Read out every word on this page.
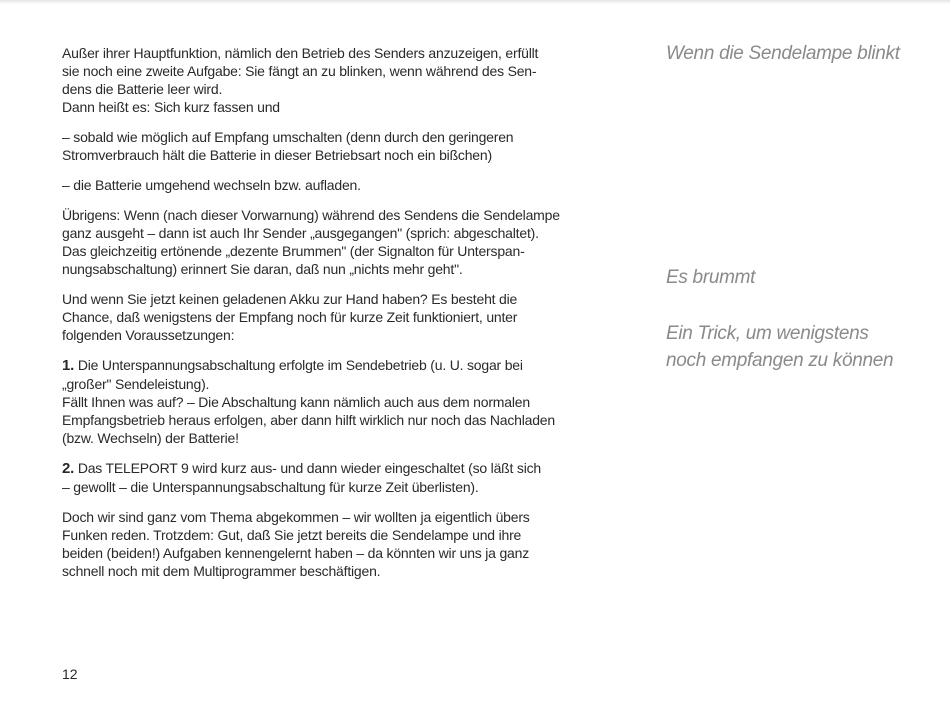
Außer ihrer Hauptfunktion, nämlich den Betrieb des Senders anzuzeigen, erfüllt
sie noch eine zweite Aufgabe: Sie fängt an zu blinken, wenn während des Sen-
dens die Batterie leer wird.
Dann heißt es: Sich kurz fassen und

– sobald wie möglich auf Empfang umschalten (denn durch den geringeren
Stromverbrauch hält die Batterie in dieser Betriebsart noch ein bißchen)

– die Batterie umgehend wechseln bzw. aufladen.

Übrigens: Wenn (nach dieser Vorwarnung) während des Sendens die Sendelampe
ganz ausgeht – dann ist auch Ihr Sender „ausgegangen" (sprich: abgeschaltet).
Das gleichzeitig ertönende „dezente Brummen" (der Signalton für Unterspan-
nungsabschaltung) erinnert Sie daran, daß nun „nichts mehr geht".

Und wenn Sie jetzt keinen geladenen Akku zur Hand haben? Es besteht die
Chance, daß wenigstens der Empfang noch für kurze Zeit funktioniert, unter
folgenden Voraussetzungen:

1. Die Unterspannungsabschaltung erfolgte im Sendebetrieb (u. U. sogar bei
„großer" Sendeleistung).
Fällt Ihnen was auf? – Die Abschaltung kann nämlich auch aus dem normalen
Empfangsbetrieb heraus erfolgen, aber dann hilft wirklich nur noch das Nachladen
(bzw. Wechseln) der Batterie!

2. Das TELEPORT 9 wird kurz aus- und dann wieder eingeschaltet (so läßt sich
– gewollt – die Unterspannungsabschaltung für kurze Zeit überlisten).

Doch wir sind ganz vom Thema abgekommen – wir wollten ja eigentlich übers
Funken reden. Trotzdem: Gut, daß Sie jetzt bereits die Sendelampe und ihre
beiden (beiden!) Aufgaben kennengelernt haben – da könnten wir uns ja ganz
schnell noch mit dem Multiprogrammer beschäftigen.

12
Wenn die Sendelampe blinkt
Es brummt
Ein Trick, um wenigstens
noch empfangen zu können
